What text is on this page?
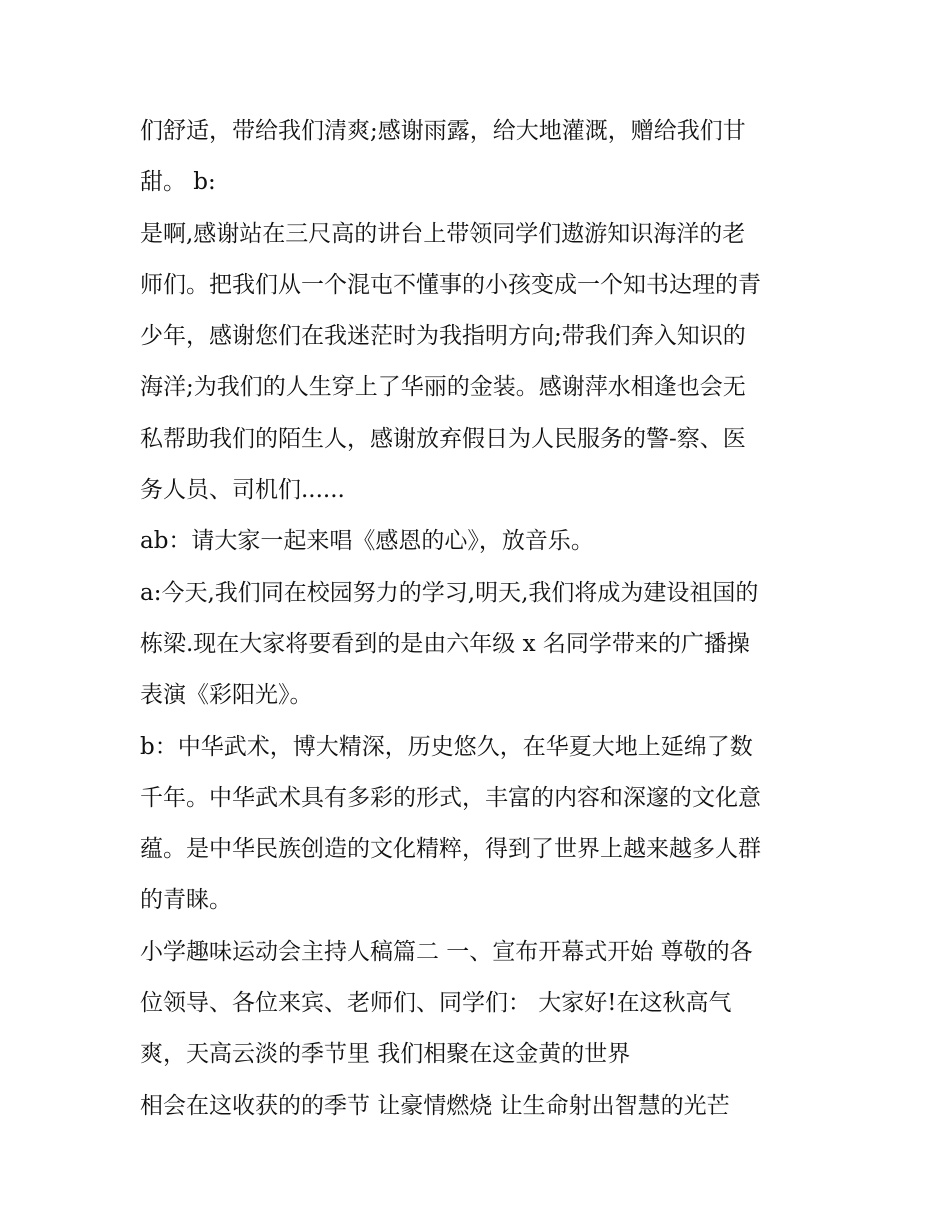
们舒适，带给我们清爽;感谢雨露，给大地灌溉，赠给我们甘
甜。 b:
是啊,感谢站在三尺高的讲台上带领同学们遨游知识海洋的老
师们。把我们从一个混屯不懂事的小孩变成一个知书达理的青
少年，感谢您们在我迷茫时为我指明方向;带我们奔入知识的
海洋;为我们的人生穿上了华丽的金装。感谢萍水相逢也会无
私帮助我们的陌生人，感谢放弃假日为人民服务的警-察、医
务人员、司机们......
ab：请大家一起来唱《感恩的心》，放音乐。
a:今天,我们同在校园努力的学习,明天,我们将成为建设祖国的
栋梁.现在大家将要看到的是由六年级 x 名同学带来的广播操
表演《彩阳光》。
b：中华武术，博大精深，历史悠久，在华夏大地上延绵了数
千年。中华武术具有多彩的形式，丰富的内容和深邃的文化意
蕴。是中华民族创造的文化精粹，得到了世界上越来越多人群
的青睐。
小学趣味运动会主持人稿篇二 一、宣布开幕式开始 尊敬的各
位领导、各位来宾、老师们、同学们： 大家好!在这秋高气
爽，天高云淡的季节里 我们相聚在这金黄的世界
相会在这收获的的季节 让豪情燃烧 让生命射出智慧的光芒
